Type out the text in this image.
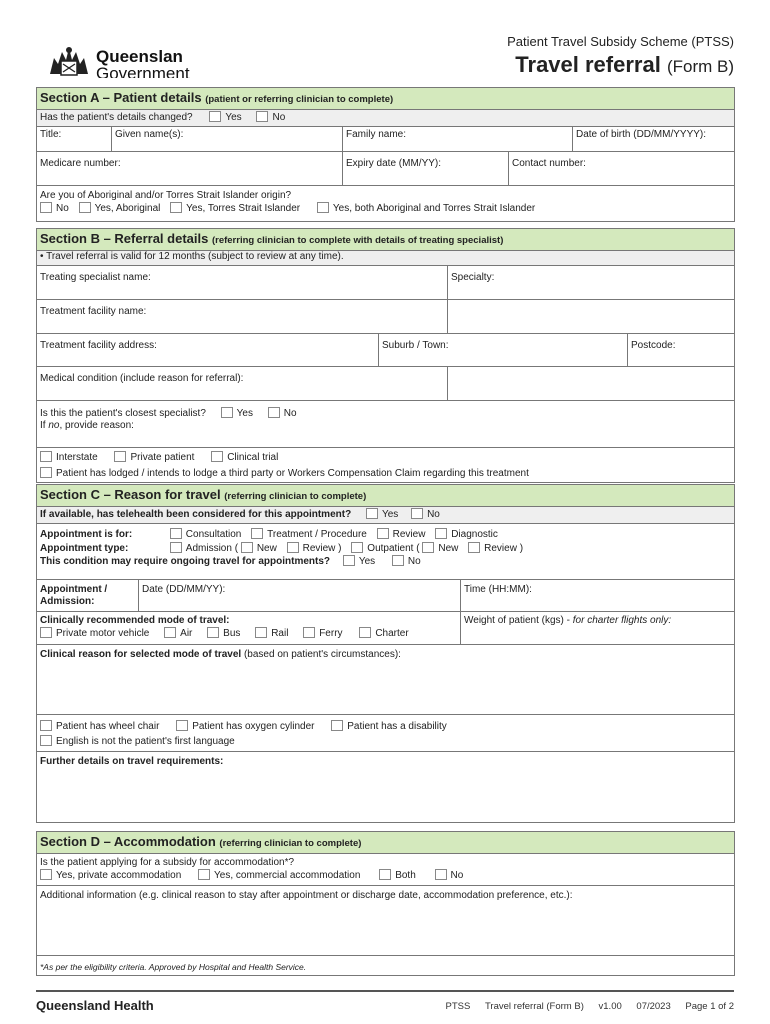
Queenslan
Government
Patient Travel Subsidy Scheme (PTSS)
Travel referral (Form B)
Section A – Patient details (patient or referring clinician to complete)				
Has the patient's details changed? Yes No				
Title:	Given name(s):	Family name:		Date of birth (DD/MM/YYYY):
Medicare number:		Expiry date (MM/YY):	Contact number:	

Are you of Aboriginal and/or Torres Strait Islander origin?
No Yes, Aboriginal Yes, Torres Strait Islander Yes, both Aboriginal and Torres Strait Islander				
Section B – Referral details (referring clinician to complete with details of treating specialist)			
• Travel referral is valid for 12 months (subject to review at any time).			
Treating specialist name:		Specialty:	
Treatment facility name:			
Treatment facility address:	Suburb / Town:		Postcode:
Medical condition (include reason for referral):			

Is this the patient's closest specialist? Yes No
If no, provide reason:			

Interstate Private patient Clinical trial
Patient has lodged / intends to lodge a third party or Workers Compensation Claim regarding this treatment			
Section C – Reason for travel (referring clinician to complete)		
If available, has telehealth been considered for this appointment? Yes No		

Appointment is for: Consultation Treatment / Procedure Review Diagnostic
Appointment type: Admission ( New Review ) Outpatient ( New Review )
This condition may require ongoing travel for appointments? Yes No		

Appointment / Admission:	Date (DD/MM/YY):	Time (HH:MM):

Clinically recommended mode of travel:
Private motor vehicle Air Bus Rail Ferry Charter		Weight of patient (kgs) - for charter flights only:
Clinical reason for selected mode of travel (based on patient's circumstances):		

Patient has wheel chair Patient has oxygen cylinder Patient has a disability
English is not the patient's first language		

Further details on travel requirements:		
Section D – Accommodation (referring clinician to complete)

Is the patient applying for a subsidy for accommodation*?
Yes, private accommodation	Yes, commercial accommodation	Both	No

Additional information (e.g. clinical reason to stay after appointment or discharge date, accommodation preference, etc.):
*As per the eligibility criteria. Approved by Hospital and Health Service.
Queensland Health	PTSS Travel referral (Form B) v1.00 07/2023 Page 1 of 2
